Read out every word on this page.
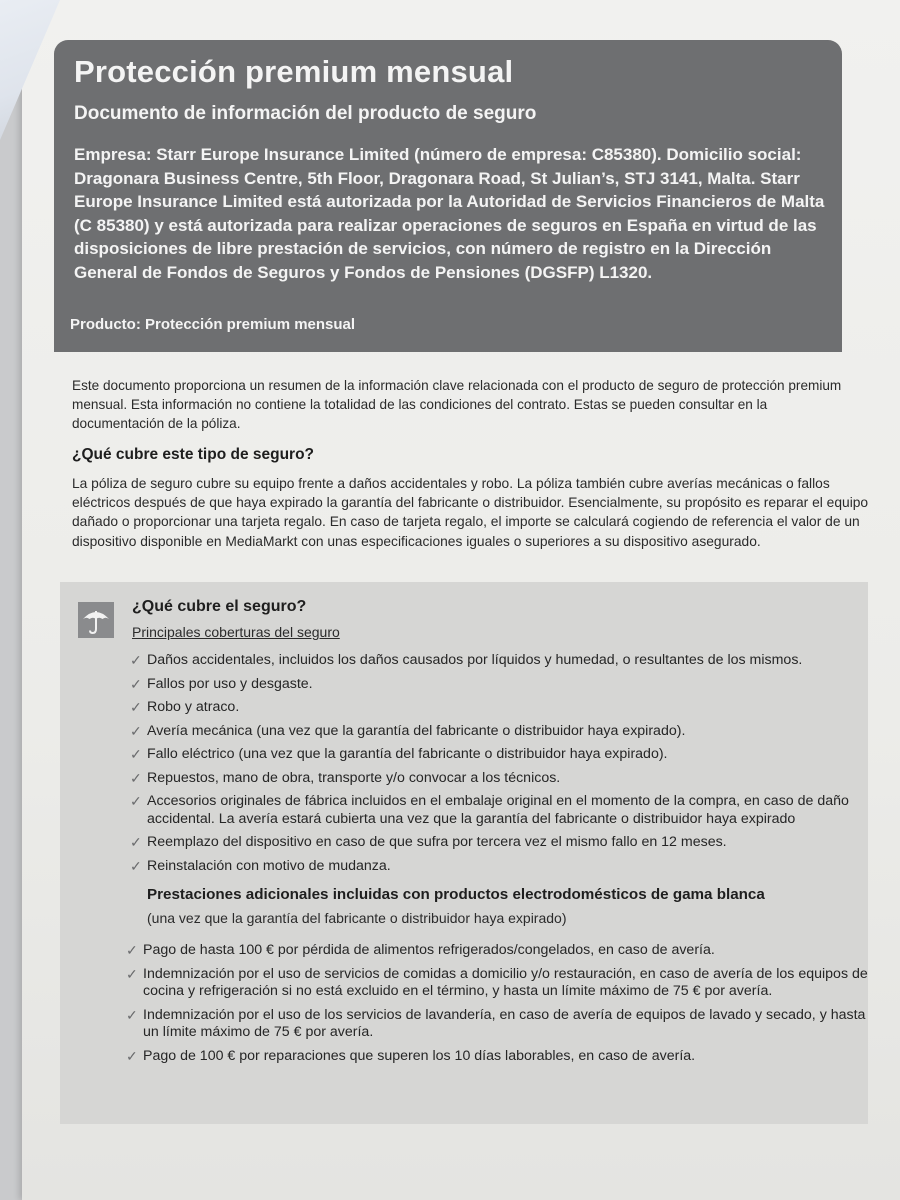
Protección premium mensual
Documento de información del producto de seguro
Empresa: Starr Europe Insurance Limited (número de empresa: C85380). Domicilio social: Dragonara Business Centre, 5th Floor, Dragonara Road, St Julian’s, STJ 3141, Malta. Starr Europe Insurance Limited está autorizada por la Autoridad de Servicios Financieros de Malta (C 85380) y está autorizada para realizar operaciones de seguros en España en virtud de las disposiciones de libre prestación de servicios, con número de registro en la Dirección General de Fondos de Seguros y Fondos de Pensiones (DGSFP) L1320.
Producto: Protección premium mensual
Este documento proporciona un resumen de la información clave relacionada con el producto de seguro de protección premium mensual. Esta información no contiene la totalidad de las condiciones del contrato. Estas se pueden consultar en la documentación de la póliza.
¿Qué cubre este tipo de seguro?
La póliza de seguro cubre su equipo frente a daños accidentales y robo. La póliza también cubre averías mecánicas o fallos eléctricos después de que haya expirado la garantía del fabricante o distribuidor. Esencialmente, su propósito es reparar el equipo dañado o proporcionar una tarjeta regalo. En caso de tarjeta regalo, el importe se calculará cogiendo de referencia el valor de un dispositivo disponible en MediaMarkt con unas especificaciones iguales o superiores a su dispositivo asegurado.
¿Qué cubre el seguro?
Principales coberturas del seguro
✓ Daños accidentales, incluidos los daños causados por líquidos y humedad, o resultantes de los mismos.
✓ Fallos por uso y desgaste.
✓ Robo y atraco.
✓ Avería mecánica (una vez que la garantía del fabricante o distribuidor haya expirado).
✓ Fallo eléctrico (una vez que la garantía del fabricante o distribuidor haya expirado).
✓ Repuestos, mano de obra, transporte y/o convocar a los técnicos.
✓ Accesorios originales de fábrica incluidos en el embalaje original en el momento de la compra, en caso de daño accidental. La avería estará cubierta una vez que la garantía del fabricante o distribuidor haya expirado
✓ Reemplazo del dispositivo en caso de que sufra por tercera vez el mismo fallo en 12 meses.
✓ Reinstalación con motivo de mudanza.
Prestaciones adicionales incluidas con productos electrodomésticos de gama blanca
(una vez que la garantía del fabricante o distribuidor haya expirado)
✓ Pago de hasta 100 € por pérdida de alimentos refrigerados/congelados, en caso de avería.
✓ Indemnización por el uso de servicios de comidas a domicilio y/o restauración, en caso de avería de los equipos de cocina y refrigeración si no está excluido en el término, y hasta un límite máximo de 75 € por avería.
✓ Indemnización por el uso de los servicios de lavandería, en caso de avería de equipos de lavado y secado, y hasta un límite máximo de 75 € por avería.
✓ Pago de 100 € por reparaciones que superen los 10 días laborables, en caso de avería.
